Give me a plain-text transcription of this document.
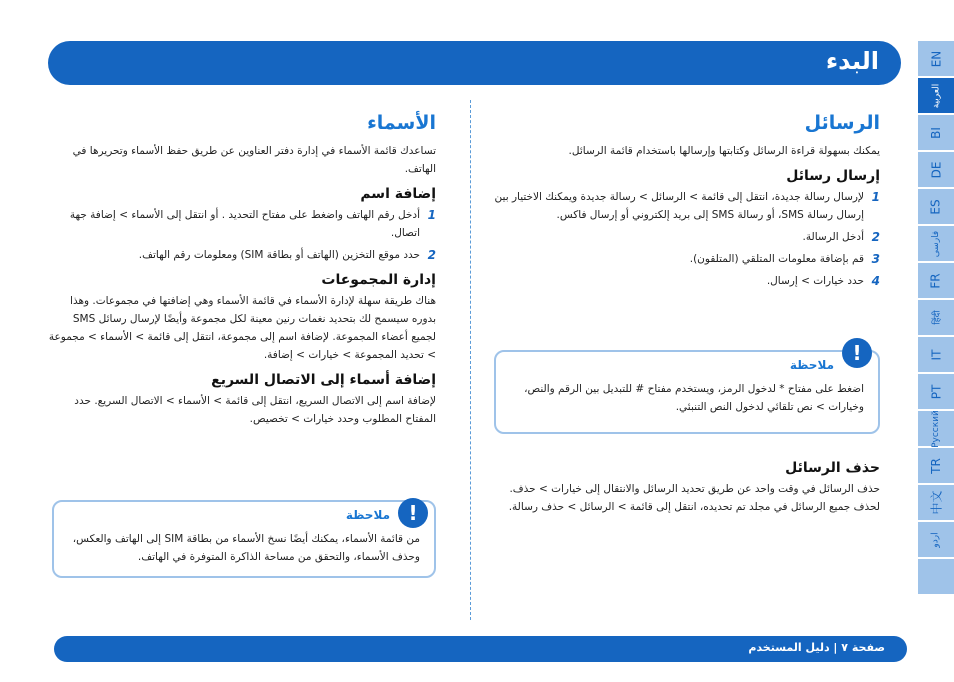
البدء	EN
العربية
BI
DE
ES
فارسی
FR
हिंदी
IT
PT
Русский
TR
中文
اردو
الرسائل

يمكنك بسهولة قراءة الرسائل وكتابتها وإرسالها باستخدام قائمة الرسائل.

إرسال رسائل
1
لإرسال رسالة جديدة، انتقل إلى قائمة > الرسائل > رسالة جديدة ويمكنك الاختيار بين إرسال رسالة SMS، أو رسالة SMS إلى بريد إلكتروني أو إرسال فاكس.
2
أدخل الرسالة.
3
قم بإضافة معلومات المتلقي (المتلقون).
4
حدد خيارات > إرسال.
!
ملاحظة
اضغط على مفتاح * لدخول الرمز، ويستخدم مفتاح # للتبديل بين الرقم والنص، وخيارات > نص تلقائي لدخول النص التنبئي.
حذف الرسائل

حذف الرسائل في وقت واحد عن طريق تحديد الرسائل والانتقال إلى خيارات > حذف.

لحذف جميع الرسائل في مجلد تم تحديده، انتقل إلى قائمة > الرسائل > حذف رسالة.

الأسماء

تساعدك قائمة الأسماء في إدارة دفتر العناوين عن طريق حفظ الأسماء وتحريرها في الهاتف.

إضافة اسم
1
أدخل رقم الهاتف واضغط على مفتاح التحديد . أو انتقل إلى الأسماء > إضافة جهة اتصال.
2
حدد موقع التخزين (الهاتف أو بطاقة SIM) ومعلومات رقم الهاتف.
إدارة المجموعات

هناك طريقة سهلة لإدارة الأسماء في قائمة الأسماء وهي إضافتها في مجموعات. وهذا بدوره سيسمح لك بتحديد نغمات رنين معينة لكل مجموعة وأيضًا لإرسال رسائل SMS لجميع أعضاء المجموعة. لإضافة اسم إلى مجموعة، انتقل إلى قائمة > الأسماء > مجموعة > تحديد المجموعة > خيارات > إضافة.

إضافة أسماء إلى الاتصال السريع

لإضافة اسم إلى الاتصال السريع، انتقل إلى قائمة > الأسماء > الاتصال السريع. حدد المفتاح المطلوب وحدد خيارات > تخصيص.

!
ملاحظة
من قائمة الأسماء، يمكنك أيضًا نسخ الأسماء من بطاقة SIM إلى الهاتف والعكس، وحذف الأسماء، والتحقق من مساحة الذاكرة المتوفرة في الهاتف.
صفحة ٧ | دليل المستخدم
